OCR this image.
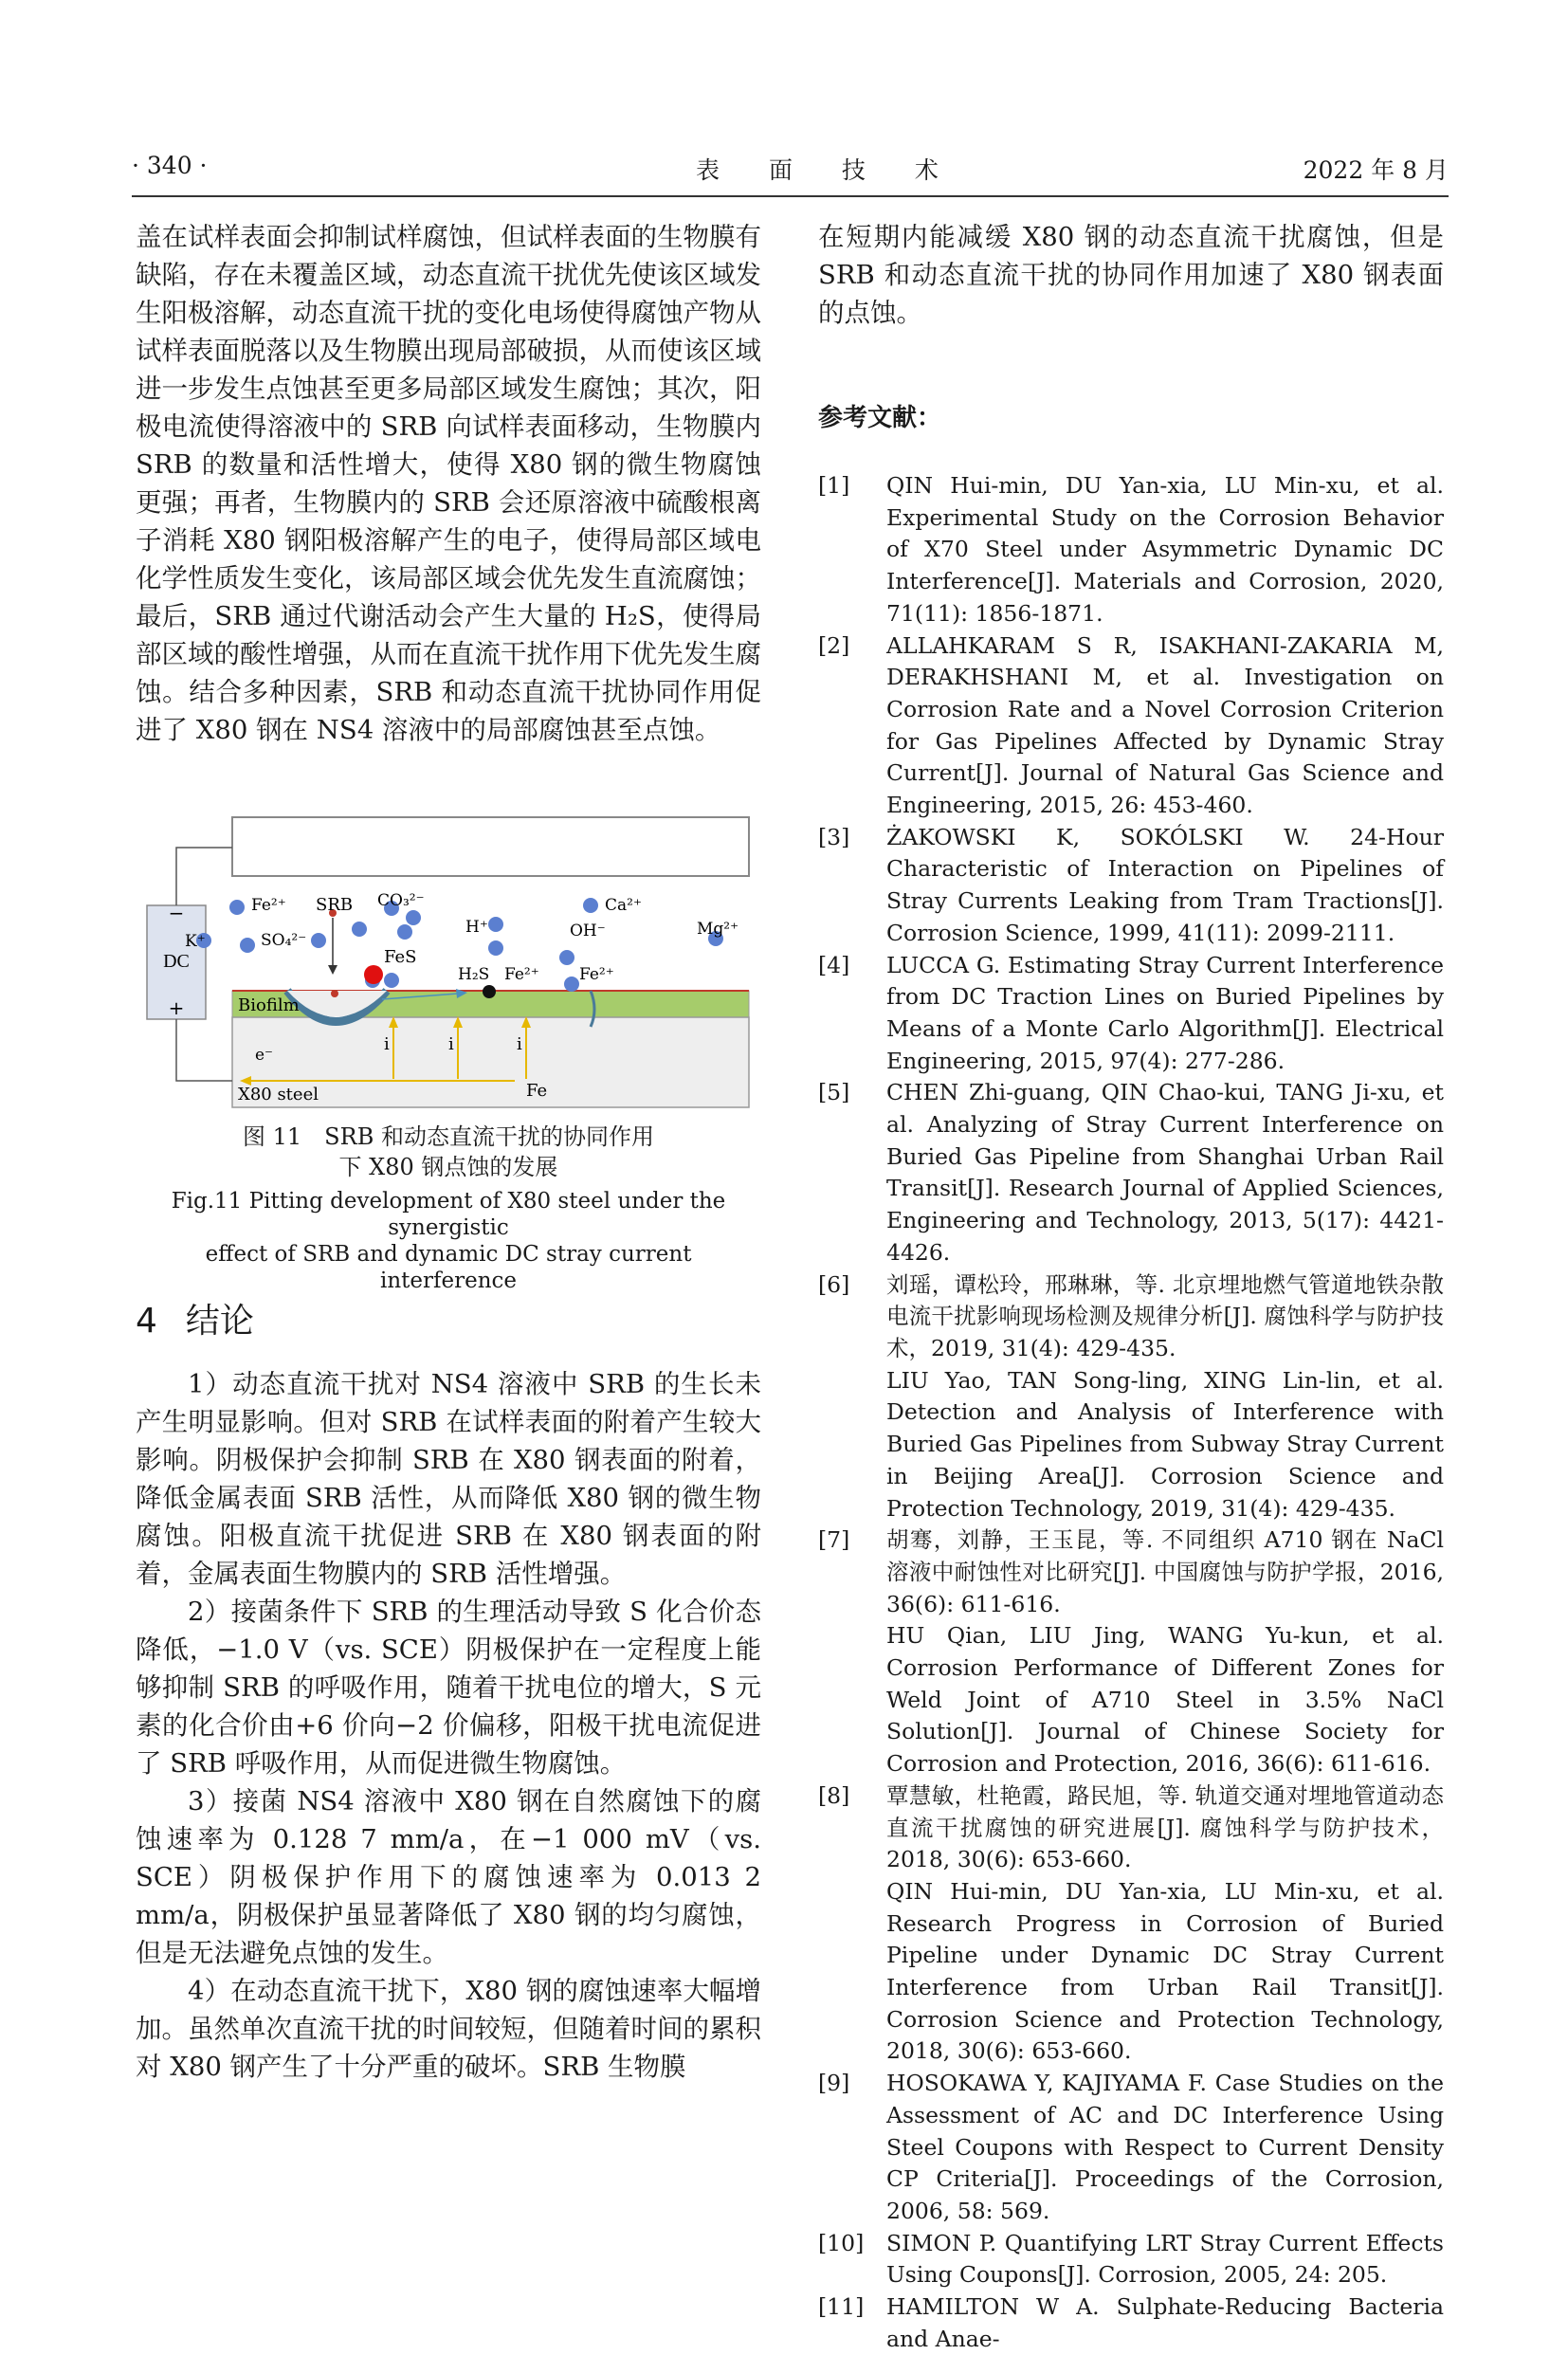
· 340 ·	表 面 技 术	2022 年 8 月

盖在试样表面会抑制试样腐蚀，但试样表面的生物膜有缺陷，存在未覆盖区域，动态直流干扰优先使该区域发生阳极溶解，动态直流干扰的变化电场使得腐蚀产物从试样表面脱落以及生物膜出现局部破损，从而使该区域进一步发生点蚀甚至更多局部区域发生腐蚀；其次，阳极电流使得溶液中的 SRB 向试样表面移动，生物膜内 SRB 的数量和活性增大，使得 X80 钢的微生物腐蚀更强；再者，生物膜内的 SRB 会还原溶液中硫酸根离子消耗 X80 钢阳极溶解产生的电子，使得局部区域电化学性质发生变化，该局部区域会优先发生直流腐蚀；最后，SRB 通过代谢活动会产生大量的 H₂S，使得局部区域的酸性增强，从而在直流干扰作用下优先发生腐蚀。结合多种因素，SRB 和动态直流干扰协同作用促进了 X80 钢在 NS4 溶液中的局部腐蚀甚至点蚀。

DC
−
+
Fe²⁺ SRB CO₃²⁻
H⁺
Ca²⁺
K⁺	SO₄²⁻	OH⁻	Mg²⁺
FeS
H₂S Fe²⁺ Fe²⁺
Biofilm
e⁻
i	i	i
X80 steel	Fe
图 11　SRB 和动态直流干扰的协同作用
下 X80 钢点蚀的发展
Fig.11 Pitting development of X80 steel under the synergistic
effect of SRB and dynamic DC stray current interference
4 结论

1）动态直流干扰对 NS4 溶液中 SRB 的生长未产生明显影响。但对 SRB 在试样表面的附着产生较大影响。阴极保护会抑制 SRB 在 X80 钢表面的附着，降低金属表面 SRB 活性，从而降低 X80 钢的微生物腐蚀。阳极直流干扰促进 SRB 在 X80 钢表面的附着，金属表面生物膜内的 SRB 活性增强。

2）接菌条件下 SRB 的生理活动导致 S 化合价态降低，−1.0 V（vs. SCE）阴极保护在一定程度上能够抑制 SRB 的呼吸作用，随着干扰电位的增大，S 元素的化合价由+6 价向−2 价偏移，阳极干扰电流促进了 SRB 呼吸作用，从而促进微生物腐蚀。

3）接菌 NS4 溶液中 X80 钢在自然腐蚀下的腐蚀速率为 0.128 7 mm/a，在−1 000 mV（vs. SCE）阴极保护作用下的腐蚀速率为 0.013 2 mm/a，阴极保护虽显著降低了 X80 钢的均匀腐蚀，但是无法避免点蚀的发生。

4）在动态直流干扰下，X80 钢的腐蚀速率大幅增加。虽然单次直流干扰的时间较短，但随着时间的累积对 X80 钢产生了十分严重的破坏。SRB 生物膜

在短期内能减缓 X80 钢的动态直流干扰腐蚀，但是 SRB 和动态直流干扰的协同作用加速了 X80 钢表面的点蚀。

参考文献：
[1]	QIN Hui-min, DU Yan-xia, LU Min-xu, et al. Experimental Study on the Corrosion Behavior of X70 Steel under Asymmetric Dynamic DC Interference[J]. Materials and Corrosion, 2020, 71(11): 1856-1871.
[2]	ALLAHKARAM S R, ISAKHANI-ZAKARIA M, DERAKHSHANI M, et al. Investigation on Corrosion Rate and a Novel Corrosion Criterion for Gas Pipelines Affected by Dynamic Stray Current[J]. Journal of Natural Gas Science and Engineering, 2015, 26: 453-460.
[3]	ŻAKOWSKI K, SOKÓLSKI W. 24-Hour Characteristic of Interaction on Pipelines of Stray Currents Leaking from Tram Tractions[J]. Corrosion Science, 1999, 41(11): 2099-2111.
[4]	LUCCA G. Estimating Stray Current Interference from DC Traction Lines on Buried Pipelines by Means of a Monte Carlo Algorithm[J]. Electrical Engineering, 2015, 97(4): 277-286.
[5]	CHEN Zhi-guang, QIN Chao-kui, TANG Ji-xu, et al. Analyzing of Stray Current Interference on Buried Gas Pipeline from Shanghai Urban Rail Transit[J]. Research Journal of Applied Sciences, Engineering and Technology, 2013, 5(17): 4421-4426.
[6]	刘瑶，谭松玲，邢琳琳，等. 北京埋地燃气管道地铁杂散电流干扰影响现场检测及规律分析[J]. 腐蚀科学与防护技术，2019, 31(4): 429-435.
LIU Yao, TAN Song-ling, XING Lin-lin, et al. Detection and Analysis of Interference with Buried Gas Pipelines from Subway Stray Current in Beijing Area[J]. Corrosion Science and Protection Technology, 2019, 31(4): 429-435.
[7]	胡骞，刘静，王玉昆，等. 不同组织 A710 钢在 NaCl 溶液中耐蚀性对比研究[J]. 中国腐蚀与防护学报，2016, 36(6): 611-616.
HU Qian, LIU Jing, WANG Yu-kun, et al. Corrosion Performance of Different Zones for Weld Joint of A710 Steel in 3.5% NaCl Solution[J]. Journal of Chinese Society for Corrosion and Protection, 2016, 36(6): 611-616.
[8]	覃慧敏，杜艳霞，路民旭，等. 轨道交通对埋地管道动态直流干扰腐蚀的研究进展[J]. 腐蚀科学与防护技术，2018, 30(6): 653-660.
QIN Hui-min, DU Yan-xia, LU Min-xu, et al. Research Progress in Corrosion of Buried Pipeline under Dynamic DC Stray Current Interference from Urban Rail Transit[J]. Corrosion Science and Protection Technology, 2018, 30(6): 653-660.
[9]	HOSOKAWA Y, KAJIYAMA F. Case Studies on the Assessment of AC and DC Interference Using Steel Coupons with Respect to Current Density CP Criteria[J]. Proceedings of the Corrosion, 2006, 58: 569.
[10]	SIMON P. Quantifying LRT Stray Current Effects Using Coupons[J]. Corrosion, 2005, 24: 205.
[11]	HAMILTON W A. Sulphate-Reducing Bacteria and Anae-
